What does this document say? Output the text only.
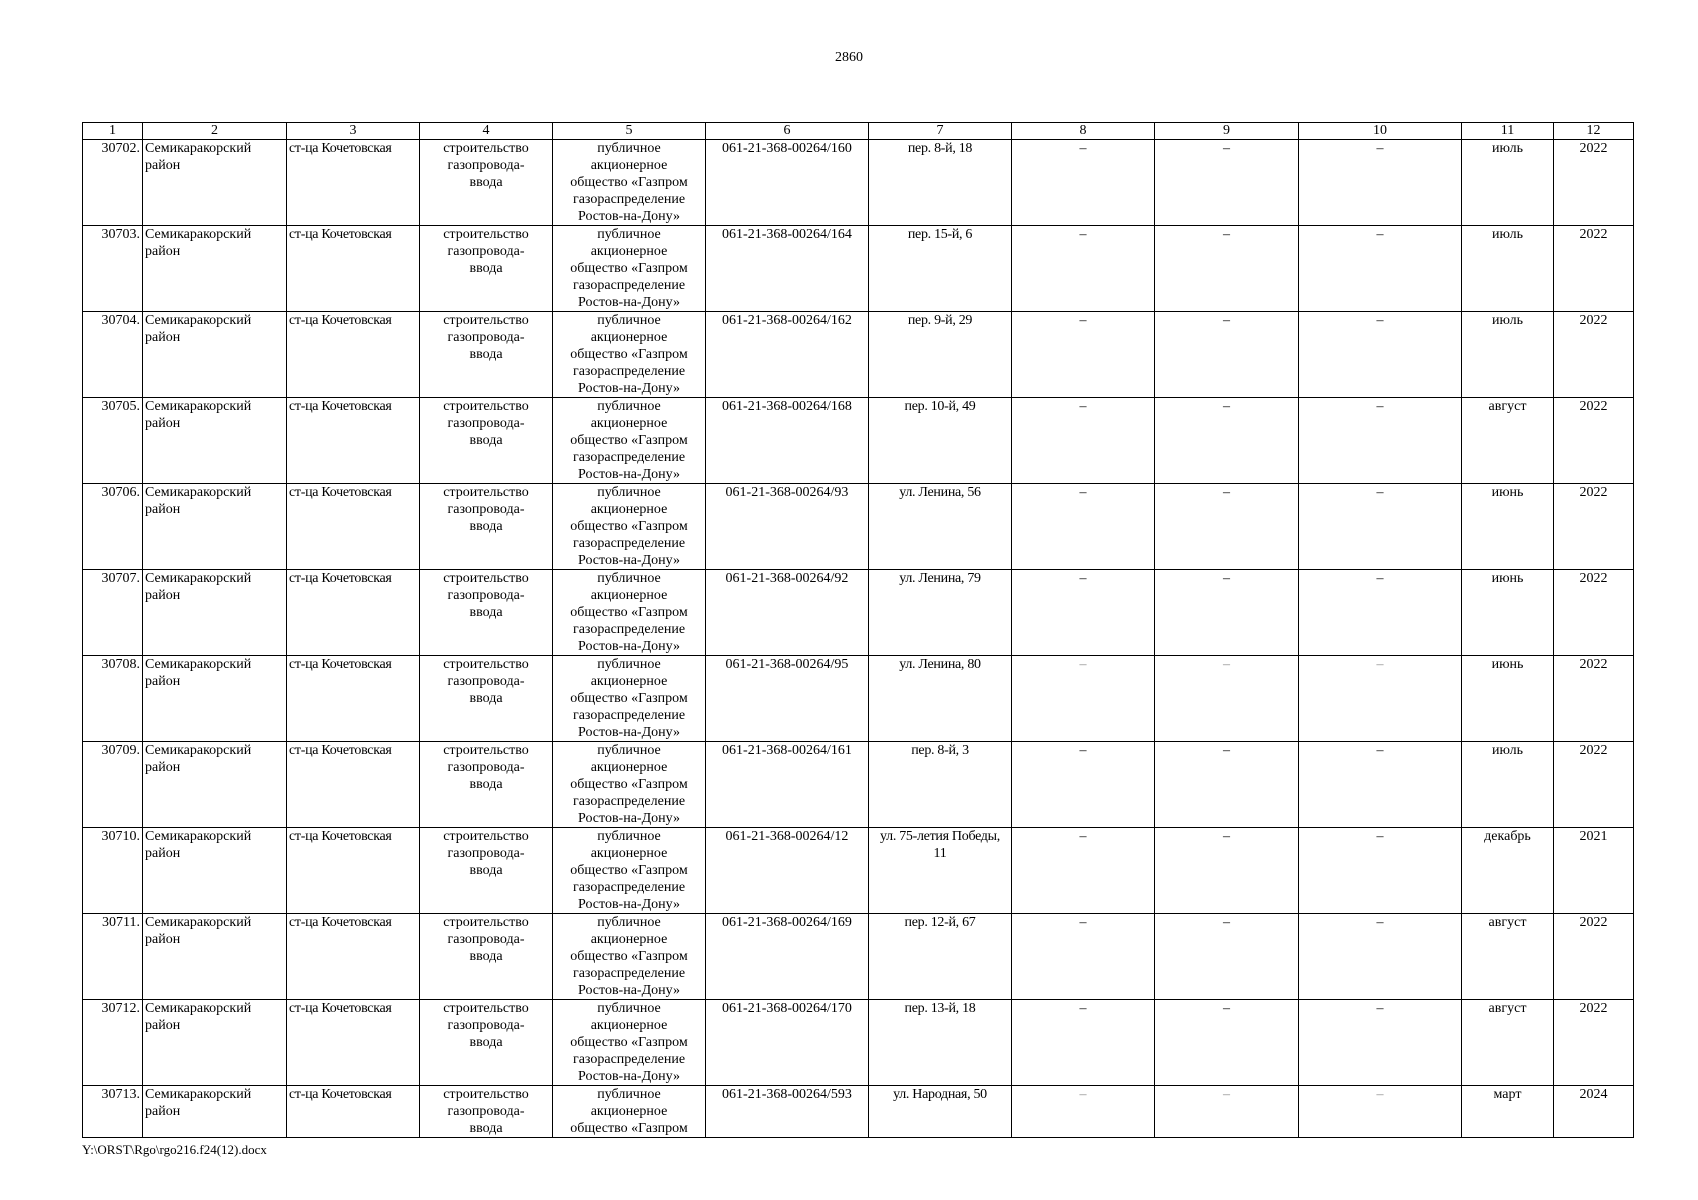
2860
1	2	3	4	5	6	7	8	9	10	11	12
30702.	Семикаракорский район	ст-ца Кочетовская	строительство
газопровода-
ввода	публичное
акционерное
общество «Газпром
газораспределение
Ростов-на-Дону»	061-21-368-00264/160	пер. 8-й, 18	–	–	–	июль	2022
30703.	Семикаракорский район	ст-ца Кочетовская	строительство
газопровода-
ввода	публичное
акционерное
общество «Газпром
газораспределение
Ростов-на-Дону»	061-21-368-00264/164	пер. 15-й, 6	–	–	–	июль	2022
30704.	Семикаракорский район	ст-ца Кочетовская	строительство
газопровода-
ввода	публичное
акционерное
общество «Газпром
газораспределение
Ростов-на-Дону»	061-21-368-00264/162	пер. 9-й, 29	–	–	–	июль	2022
30705.	Семикаракорский район	ст-ца Кочетовская	строительство
газопровода-
ввода	публичное
акционерное
общество «Газпром
газораспределение
Ростов-на-Дону»	061-21-368-00264/168	пер. 10-й, 49	–	–	–	август	2022
30706.	Семикаракорский район	ст-ца Кочетовская	строительство
газопровода-
ввода	публичное
акционерное
общество «Газпром
газораспределение
Ростов-на-Дону»	061-21-368-00264/93	ул. Ленина, 56	–	–	–	июнь	2022
30707.	Семикаракорский район	ст-ца Кочетовская	строительство
газопровода-
ввода	публичное
акционерное
общество «Газпром
газораспределение
Ростов-на-Дону»	061-21-368-00264/92	ул. Ленина, 79	–	–	–	июнь	2022
30708.	Семикаракорский район	ст-ца Кочетовская	строительство
газопровода-
ввода	публичное
акционерное
общество «Газпром
газораспределение
Ростов-на-Дону»	061-21-368-00264/95	ул. Ленина, 80	–	–	–	июнь	2022
30709.	Семикаракорский район	ст-ца Кочетовская	строительство
газопровода-
ввода	публичное
акционерное
общество «Газпром
газораспределение
Ростов-на-Дону»	061-21-368-00264/161	пер. 8-й, 3	–	–	–	июль	2022
30710.	Семикаракорский район	ст-ца Кочетовская	строительство
газопровода-
ввода	публичное
акционерное
общество «Газпром
газораспределение
Ростов-на-Дону»	061-21-368-00264/12	ул. 75-летия Победы,
11	–	–	–	декабрь	2021
30711.	Семикаракорский район	ст-ца Кочетовская	строительство
газопровода-
ввода	публичное
акционерное
общество «Газпром
газораспределение
Ростов-на-Дону»	061-21-368-00264/169	пер. 12-й, 67	–	–	–	август	2022
30712.	Семикаракорский район	ст-ца Кочетовская	строительство
газопровода-
ввода	публичное
акционерное
общество «Газпром
газораспределение
Ростов-на-Дону»	061-21-368-00264/170	пер. 13-й, 18	–	–	–	август	2022
30713.	Семикаракорский район	ст-ца Кочетовская	строительство
газопровода-
ввода	публичное
акционерное
общество «Газпром	061-21-368-00264/593	ул. Народная, 50	–	–	–	март	2024
Y:\ORST\Rgo\rgo216.f24(12).docx
